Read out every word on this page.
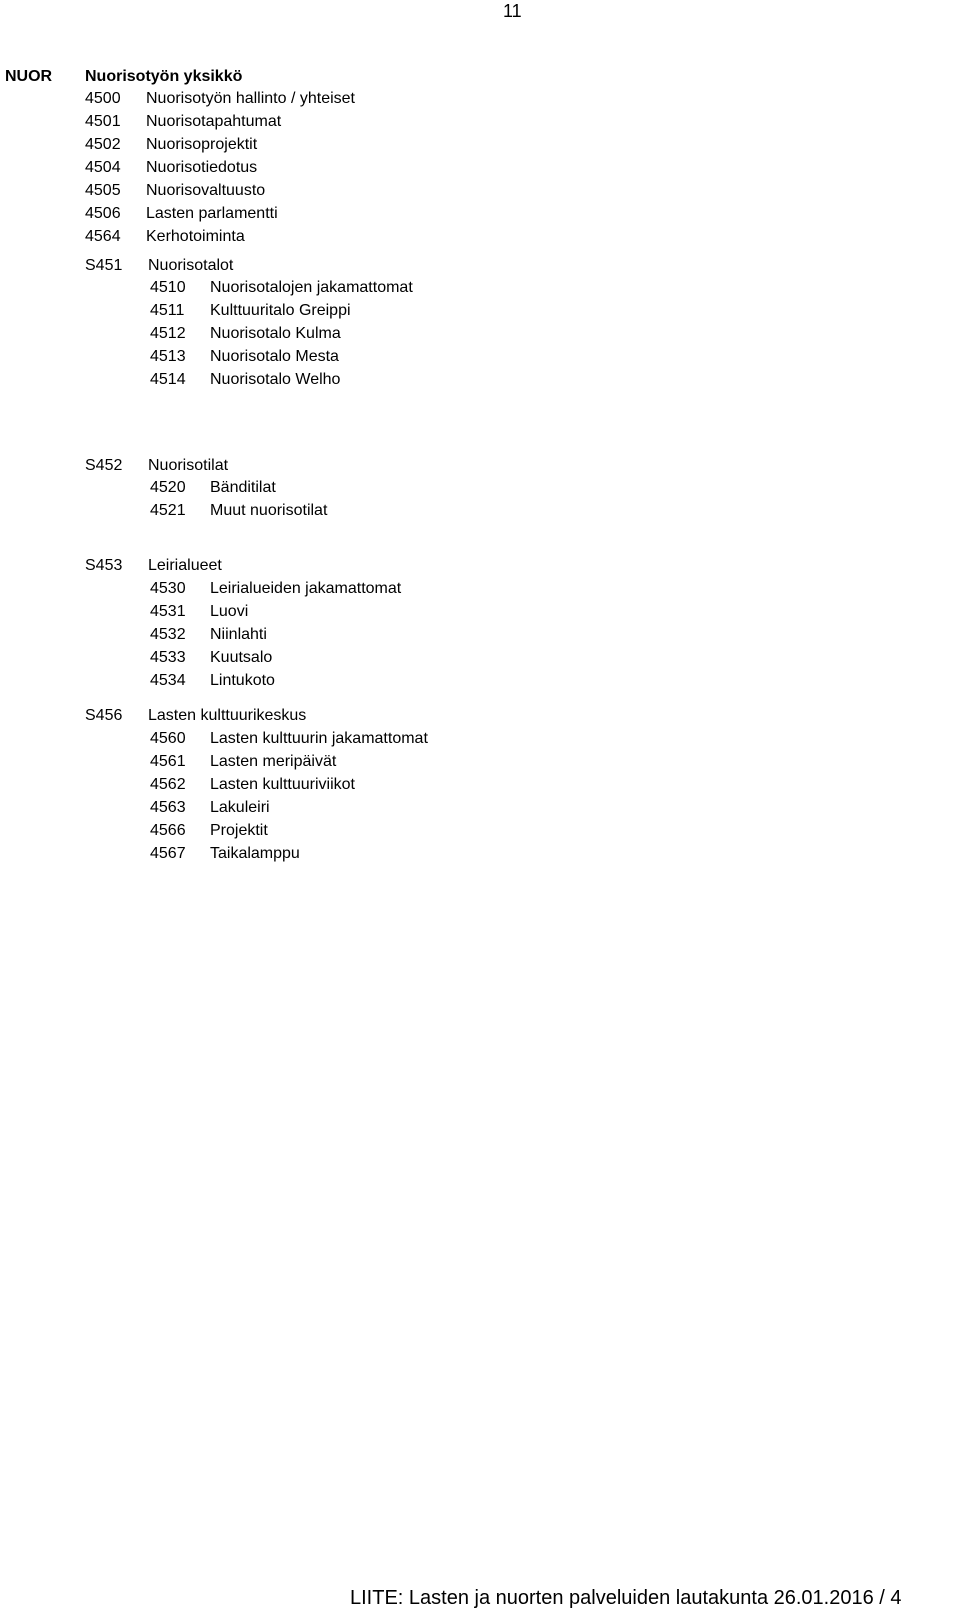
11
NUOR Nuorisotyön yksikkö
4500 Nuorisotyön hallinto / yhteiset
4501 Nuorisotapahtumat
4502 Nuorisoprojektit
4504 Nuorisotiedotus
4505 Nuorisovaltuusto
4506 Lasten parlamentti
4564 Kerhotoiminta
S451 Nuorisotalot
4510 Nuorisotalojen jakamattomat
4511 Kulttuuritalo Greippi
4512 Nuorisotalo Kulma
4513 Nuorisotalo Mesta
4514 Nuorisotalo Welho
S452 Nuorisotilat
4520 Bänditilat
4521 Muut nuorisotilat
S453 Leirialueet
4530 Leirialueiden jakamattomat
4531 Luovi
4532 Niinlahti
4533 Kuutsalo
4534 Lintukoto
S456 Lasten kulttuurikeskus
4560 Lasten kulttuurin jakamattomat
4561 Lasten meripäivät
4562 Lasten kulttuuriviikot
4563 Lakuleiri
4566 Projektit
4567 Taikalamppu
LIITE: Lasten ja nuorten palveluiden lautakunta 26.01.2016 / 4
